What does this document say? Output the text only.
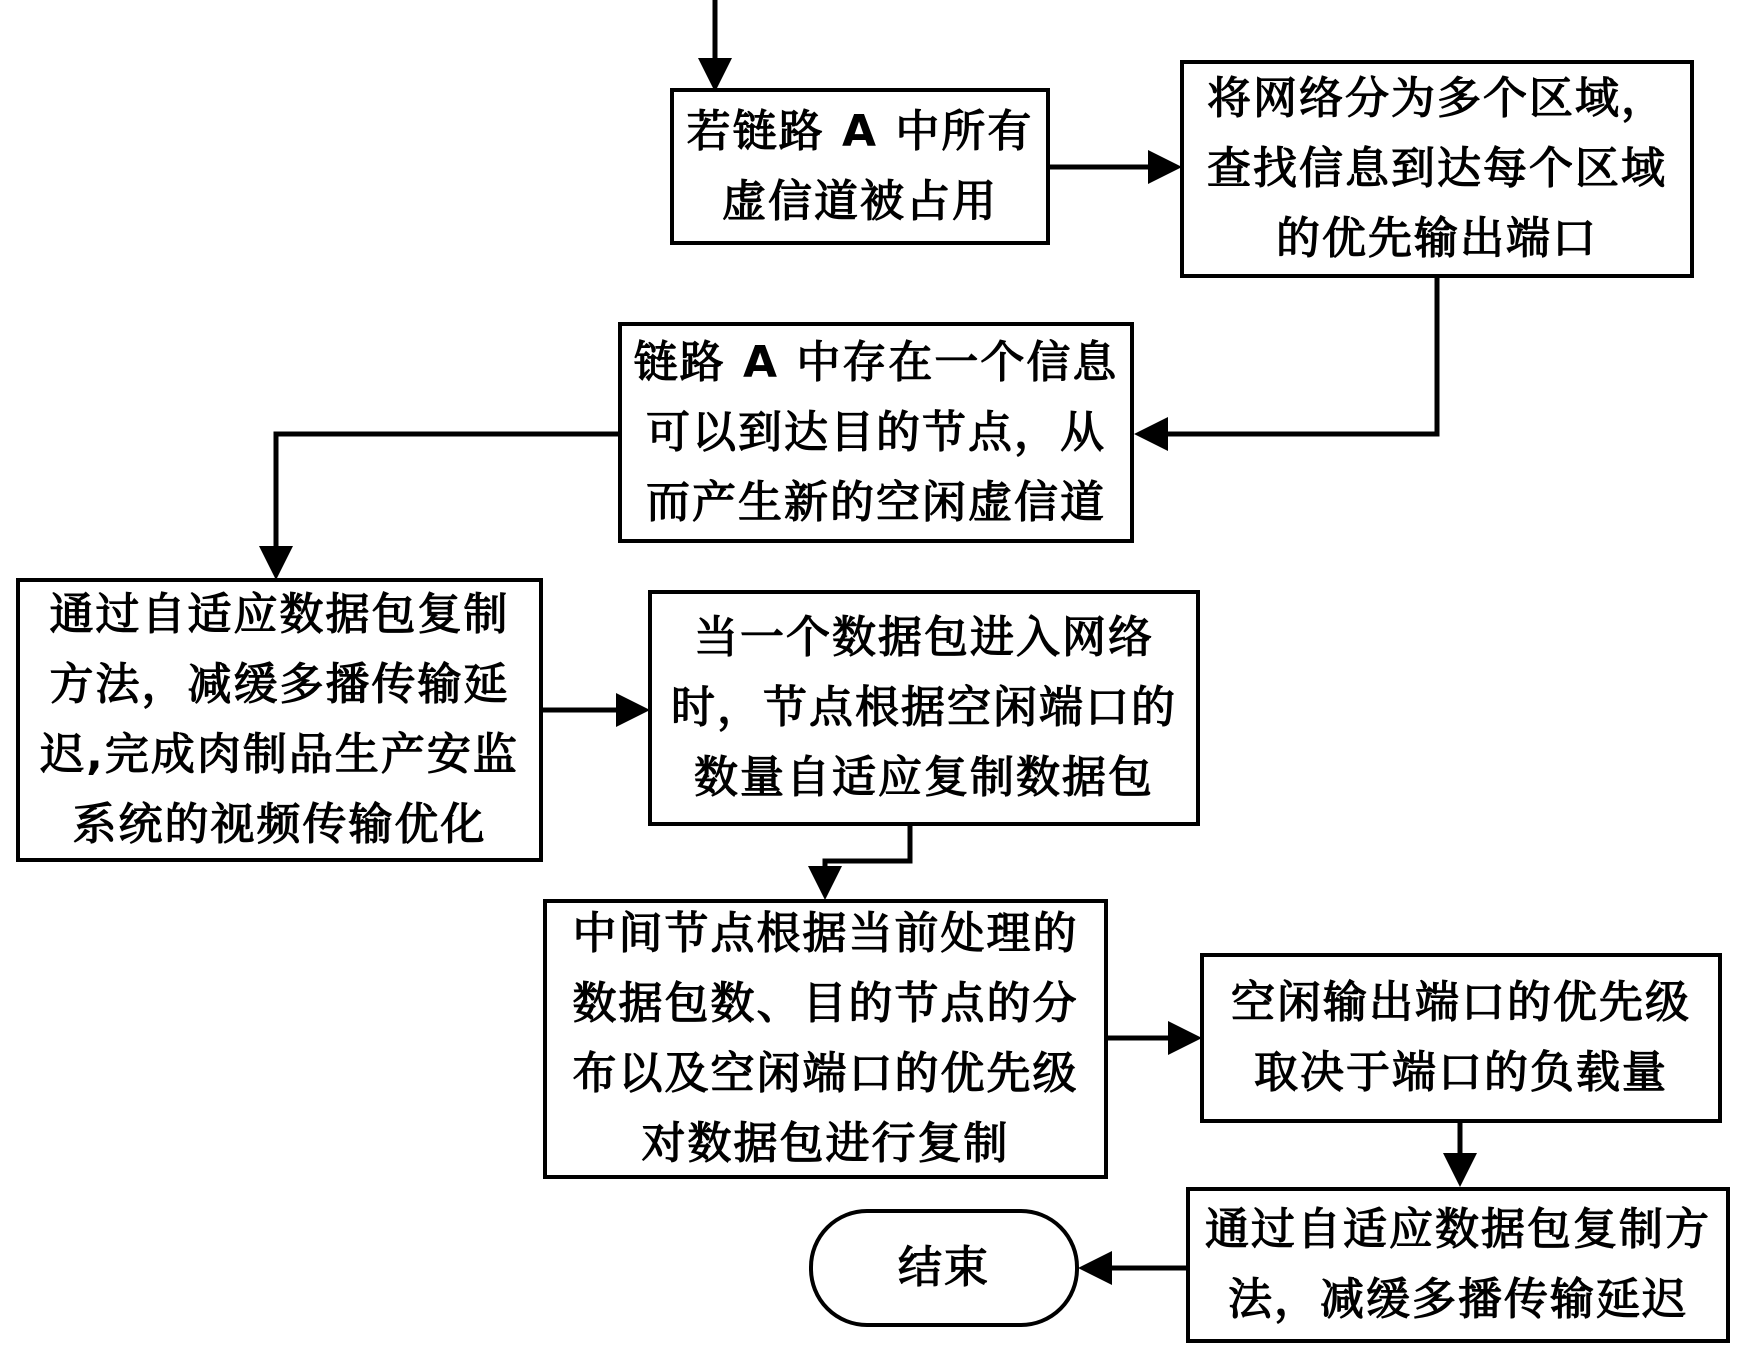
若链路 A 中所有
虚信道被占用
将网络分为多个区域，
查找信息到达每个区域
的优先输出端口
链路 A 中存在一个信息
可以到达目的节点，从
而产生新的空闲虚信道
通过自适应数据包复制
方法，减缓多播传输延
迟,完成肉制品生产安监
系统的视频传输优化
当一个数据包进入网络
时，节点根据空闲端口的
数量自适应复制数据包
中间节点根据当前处理的
数据包数、目的节点的分
布以及空闲端口的优先级
对数据包进行复制
空闲输出端口的优先级
取决于端口的负载量
通过自适应数据包复制方
法，减缓多播传输延迟
结束
